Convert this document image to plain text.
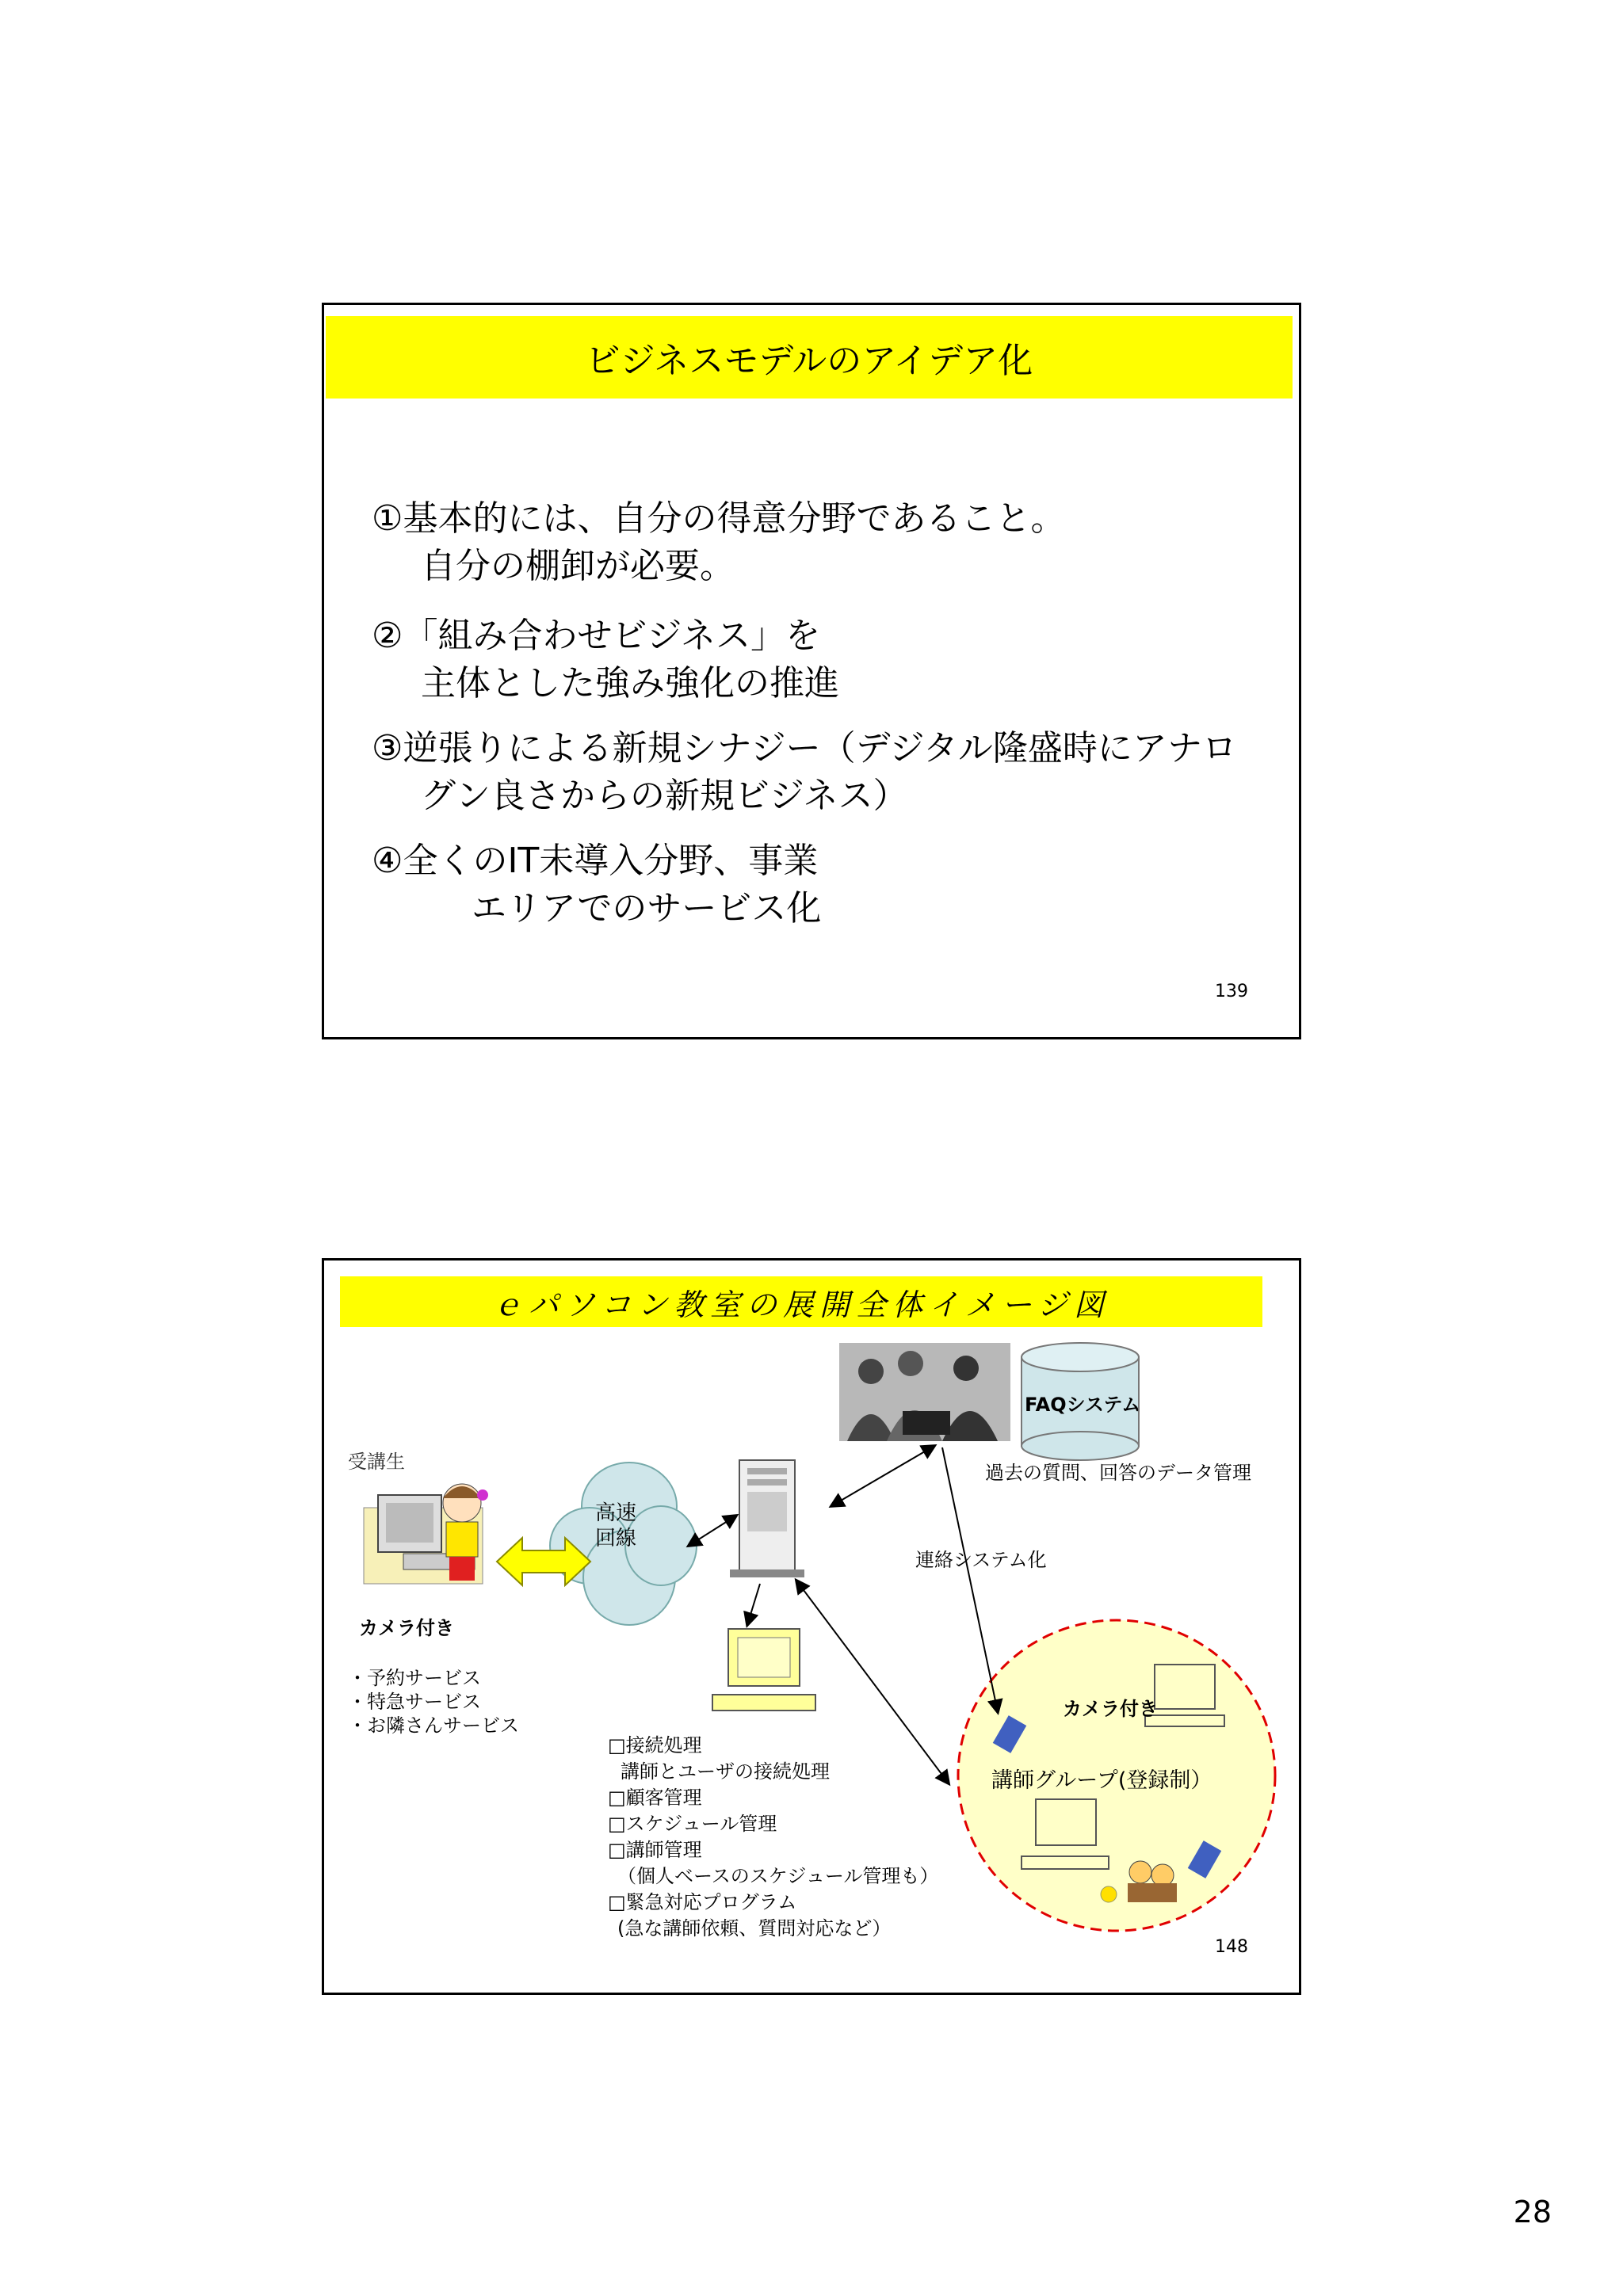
ビジネスモデルのアイデア化
①基本的には、自分の得意分野であること。
自分の棚卸が必要。
②「組み合わせビジネス」を
主体とした強み強化の推進
③逆張りによる新規シナジー（デジタル隆盛時にアナロ
グン良さからの新規ビジネス）
④全くのIT未導入分野、事業
エリアでのサービス化
139
ｅパソコン教室の展開全体イメージ図
受講生
高速
回線
カメラ付き
・予約サービス
・特急サービス
・お隣さんサービス
FAQシステム
過去の質問、回答のデータ管理
連絡システム化
カメラ付き
講師グループ(登録制）
□接続処理
講師とユーザの接続処理
□顧客管理
□スケジュール管理
□講師管理
（個人ベースのスケジュール管理も）
□緊急対応プログラム
(急な講師依頼、質問対応など）
148
28
